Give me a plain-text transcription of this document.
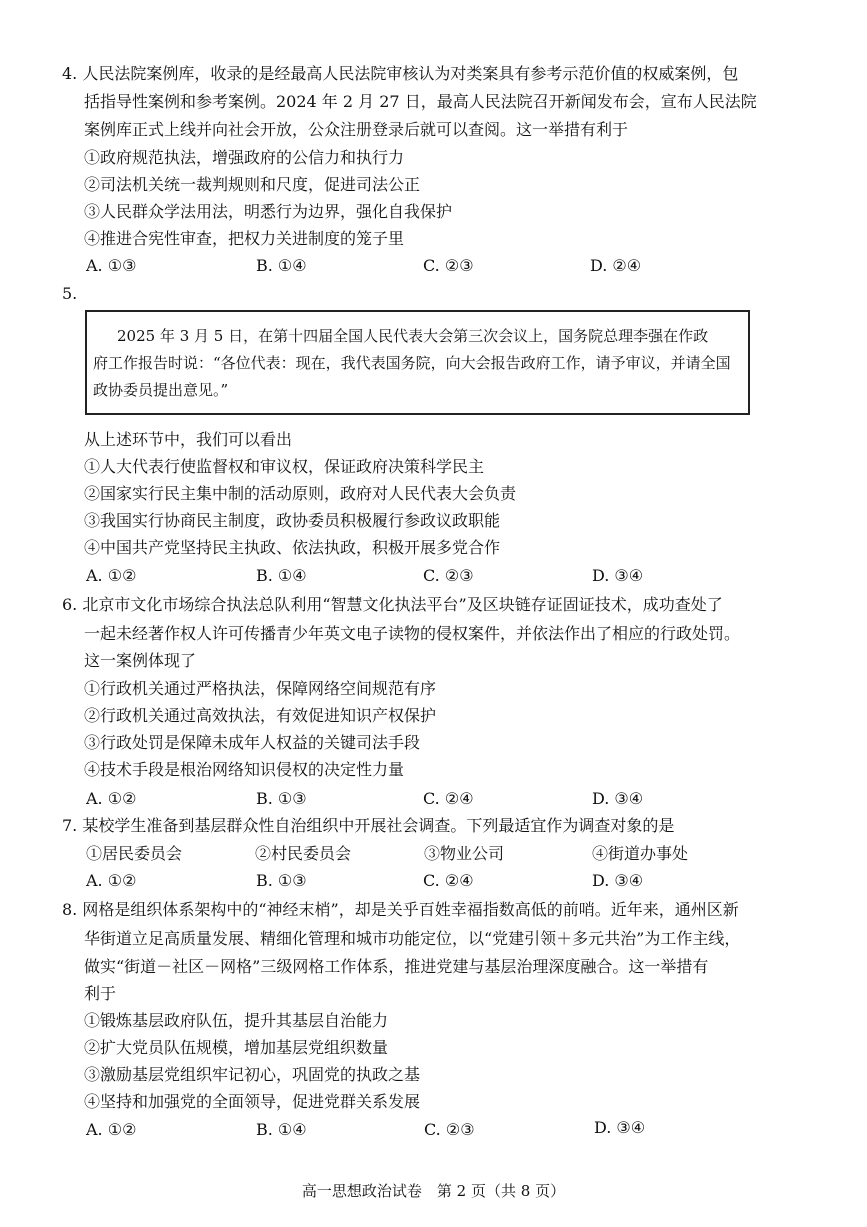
4. 人民法院案例库，收录的是经最高人民法院审核认为对类案具有参考示范价值的权威案例，包
括指导性案例和参考案例。2024 年 2 月 27 日，最高人民法院召开新闻发布会，宣布人民法院
案例库正式上线并向社会开放，公众注册登录后就可以查阅。这一举措有利于
①政府规范执法，增强政府的公信力和执行力
②司法机关统一裁判规则和尺度，促进司法公正
③人民群众学法用法，明悉行为边界，强化自我保护
④推进合宪性审查，把权力关进制度的笼子里
A. ①③	B. ①④	C. ②③	D. ②④
5.
2025 年 3 月 5 日，在第十四届全国人民代表大会第三次会议上，国务院总理李强在作政
府工作报告时说：“各位代表：现在，我代表国务院，向大会报告政府工作，请予审议，并请全国
政协委员提出意见。”
从上述环节中，我们可以看出
①人大代表行使监督权和审议权，保证政府决策科学民主
②国家实行民主集中制的活动原则，政府对人民代表大会负责
③我国实行协商民主制度，政协委员积极履行参政议政职能
④中国共产党坚持民主执政、依法执政，积极开展多党合作
A. ①②	B. ①④	C. ②③	D. ③④
6. 北京市文化市场综合执法总队利用“智慧文化执法平台”及区块链存证固证技术，成功查处了
一起未经著作权人许可传播青少年英文电子读物的侵权案件，并依法作出了相应的行政处罚。
这一案例体现了
①行政机关通过严格执法，保障网络空间规范有序
②行政机关通过高效执法，有效促进知识产权保护
③行政处罚是保障未成年人权益的关键司法手段
④技术手段是根治网络知识侵权的决定性力量
A. ①②	B. ①③	C. ②④	D. ③④
7. 某校学生准备到基层群众性自治组织中开展社会调查。下列最适宜作为调查对象的是
①居民委员会	②村民委员会	③物业公司	④街道办事处
A. ①②	B. ①③	C. ②④	D. ③④
8. 网格是组织体系架构中的“神经末梢”，却是关乎百姓幸福指数高低的前哨。近年来，通州区新
华街道立足高质量发展、精细化管理和城市功能定位，以“党建引领＋多元共治”为工作主线，
做实“街道－社区－网格”三级网格工作体系，推进党建与基层治理深度融合。这一举措有
利于
①锻炼基层政府队伍，提升其基层自治能力
②扩大党员队伍规模，增加基层党组织数量
③激励基层党组织牢记初心，巩固党的执政之基
④坚持和加强党的全面领导，促进党群关系发展
A. ①②	B. ①④	C. ②③	D. ③④
高一思想政治试卷　第 2 页（共 8 页）
